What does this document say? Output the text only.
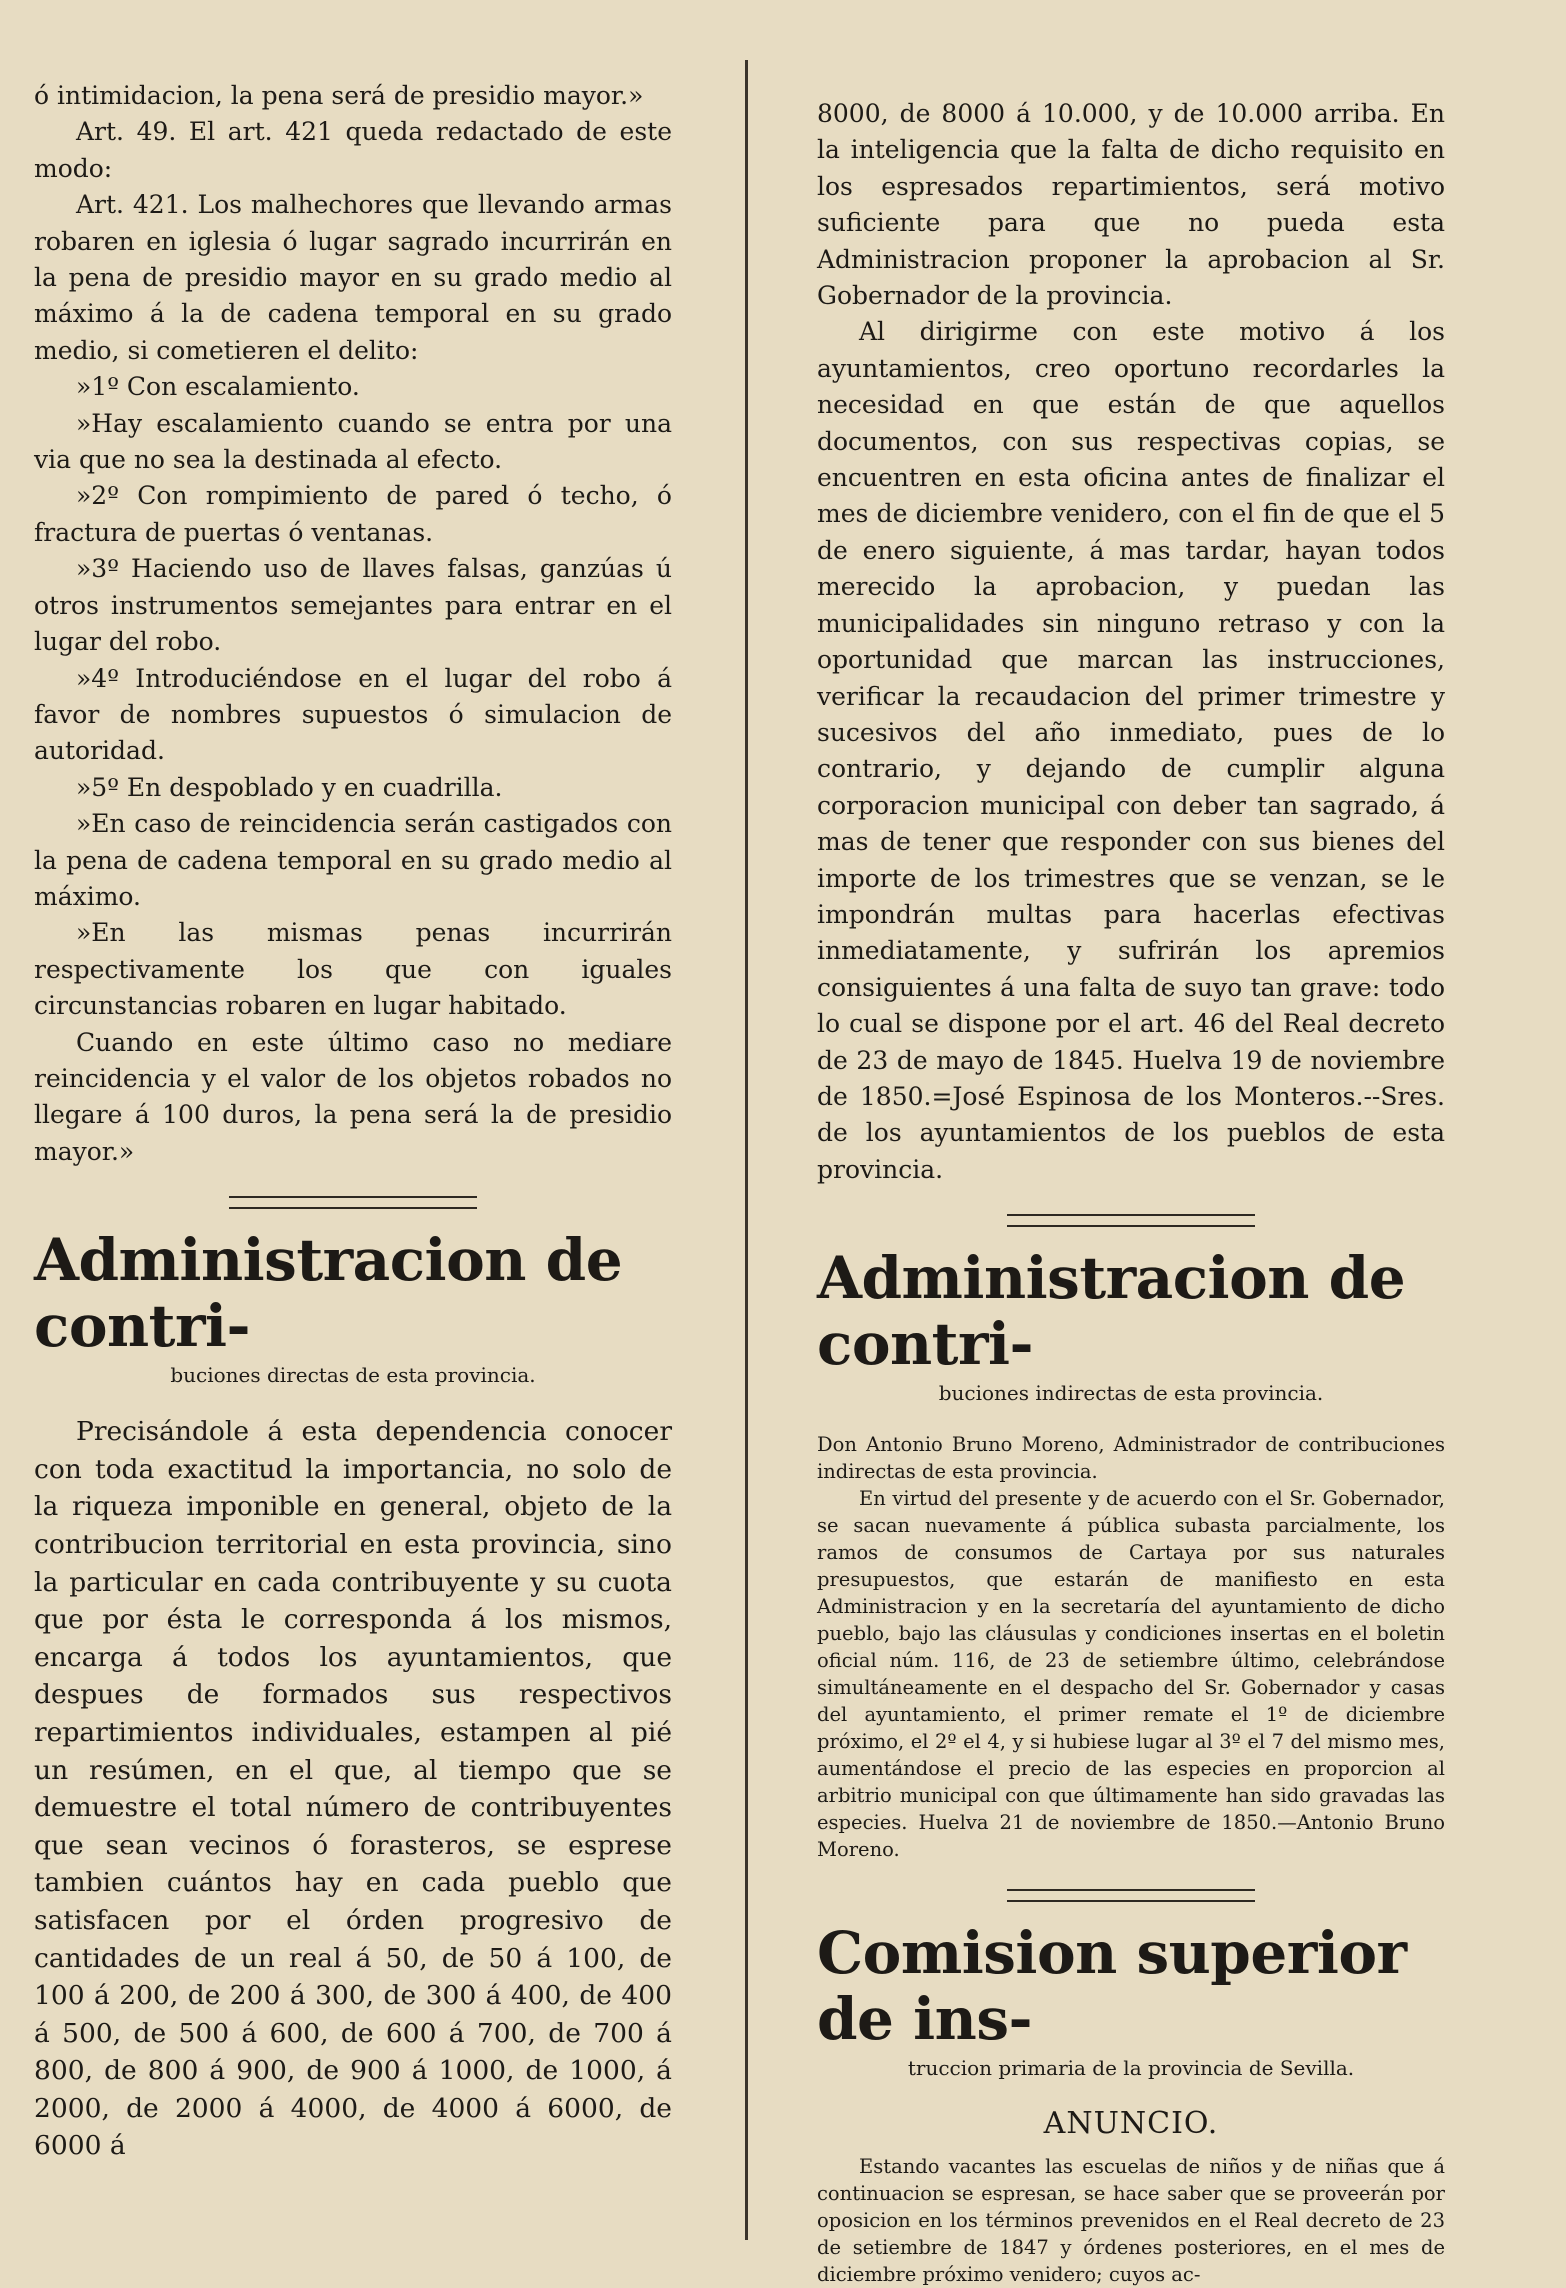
ó intimidacion, la pena será de presidio mayor.»

Art. 49. El art. 421 queda redactado de este modo:

Art. 421. Los malhechores que llevando armas robaren en iglesia ó lugar sagrado incurrirán en la pena de presidio mayor en su grado medio al máximo á la de cadena temporal en su grado medio, si cometieren el delito:

»1º Con escalamiento.

»Hay escalamiento cuando se entra por una via que no sea la destinada al efecto.

»2º Con rompimiento de pared ó techo, ó fractura de puertas ó ventanas.

»3º Haciendo uso de llaves falsas, ganzúas ú otros instrumentos semejantes para entrar en el lugar del robo.

»4º Introduciéndose en el lugar del robo á favor de nombres supuestos ó simulacion de autoridad.

»5º En despoblado y en cuadrilla.

»En caso de reincidencia serán castigados con la pena de cadena temporal en su grado medio al máximo.

»En las mismas penas incurrirán respectivamente los que con iguales circunstancias robaren en lugar habitado.

Cuando en este último caso no mediare reincidencia y el valor de los objetos robados no llegare á 100 duros, la pena será la de presidio mayor.»

Administracion de contri-
buciones directas de esta provincia.

Precisándole á esta dependencia conocer con toda exactitud la importancia, no solo de la riqueza imponible en general, objeto de la contribucion territorial en esta provincia, sino la particular en cada contribuyente y su cuota que por ésta le corresponda á los mismos, encarga á todos los ayuntamientos, que despues de formados sus respectivos repartimientos individuales, estampen al pié un resúmen, en el que, al tiempo que se demuestre el total número de contribuyentes que sean vecinos ó forasteros, se esprese tambien cuántos hay en cada pueblo que satisfacen por el órden progresivo de cantidades de un real á 50, de 50 á 100, de 100 á 200, de 200 á 300, de 300 á 400, de 400 á 500, de 500 á 600, de 600 á 700, de 700 á 800, de 800 á 900, de 900 á 1000, de 1000, á 2000, de 2000 á 4000, de 4000 á 6000, de 6000 á

8000, de 8000 á 10.000, y de 10.000 arriba. En la inteligencia que la falta de dicho requisito en los espresados repartimientos, será motivo suficiente para que no pueda esta Administracion proponer la aprobacion al Sr. Gobernador de la provincia.

Al dirigirme con este motivo á los ayuntamientos, creo oportuno recordarles la necesidad en que están de que aquellos documentos, con sus respectivas copias, se encuentren en esta oficina antes de finalizar el mes de diciembre venidero, con el fin de que el 5 de enero siguiente, á mas tardar, hayan todos merecido la aprobacion, y puedan las municipalidades sin ninguno retraso y con la oportunidad que marcan las instrucciones, verificar la recaudacion del primer trimestre y sucesivos del año inmediato, pues de lo contrario, y dejando de cumplir alguna corporacion municipal con deber tan sagrado, á mas de tener que responder con sus bienes del importe de los trimestres que se venzan, se le impondrán multas para hacerlas efectivas inmediatamente, y sufrirán los apremios consiguientes á una falta de suyo tan grave: todo lo cual se dispone por el art. 46 del Real decreto de 23 de mayo de 1845. Huelva 19 de noviembre de 1850.=José Espinosa de los Monteros.--Sres. de los ayuntamientos de los pueblos de esta provincia.

Administracion de contri-
buciones indirectas de esta provincia.

Don Antonio Bruno Moreno, Administrador de contribuciones indirectas de esta provincia.

En virtud del presente y de acuerdo con el Sr. Gobernador, se sacan nuevamente á pública subasta parcialmente, los ramos de consumos de Cartaya por sus naturales presupuestos, que estarán de manifiesto en esta Administracion y en la secretaría del ayuntamiento de dicho pueblo, bajo las cláusulas y condiciones insertas en el boletin oficial núm. 116, de 23 de setiembre último, celebrándose simultáneamente en el despacho del Sr. Gobernador y casas del ayuntamiento, el primer remate el 1º de diciembre próximo, el 2º el 4, y si hubiese lugar al 3º el 7 del mismo mes, aumentándose el precio de las especies en proporcion al arbitrio municipal con que últimamente han sido gravadas las especies. Huelva 21 de noviembre de 1850.—Antonio Bruno Moreno.

Comision superior de ins-
truccion primaria de la provincia de Sevilla.
ANUNCIO.

Estando vacantes las escuelas de niños y de niñas que á continuacion se espresan, se hace saber que se proveerán por oposicion en los términos prevenidos en el Real decreto de 23 de setiembre de 1847 y órdenes posteriores, en el mes de diciembre próximo venidero; cuyos ac-
